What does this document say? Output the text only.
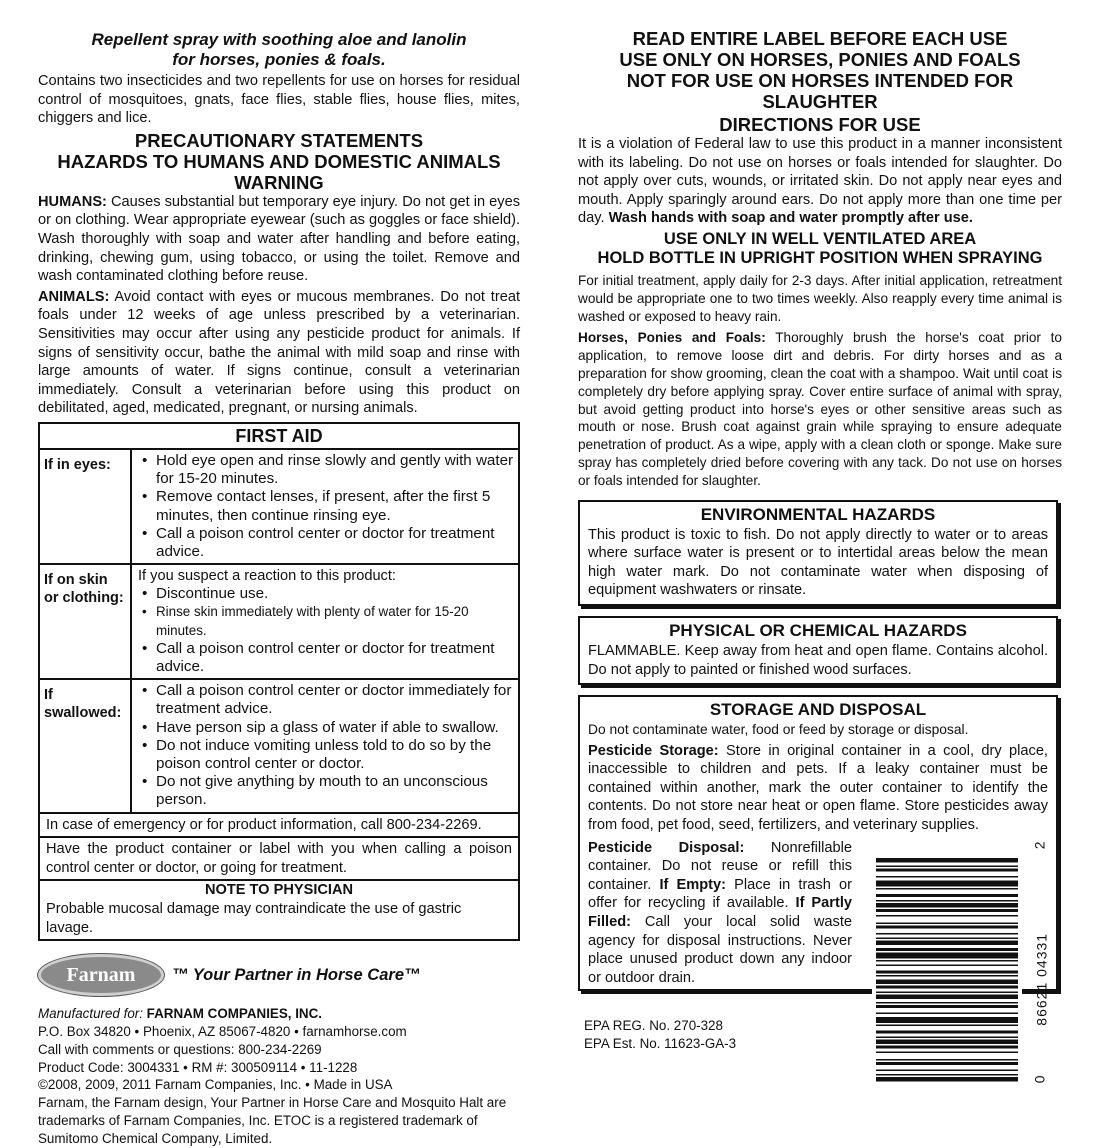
Repellent spray with soothing aloe and lanolin
for horses, ponies & foals.

Contains two insecticides and two repellents for use on horses for residual control of mosquitoes, gnats, face flies, stable flies, house flies, mites, chiggers and lice.

PRECAUTIONARY STATEMENTS
HAZARDS TO HUMANS AND DOMESTIC ANIMALS
WARNING

HUMANS: Causes substantial but temporary eye injury. Do not get in eyes or on clothing. Wear appropriate eyewear (such as goggles or face shield). Wash thoroughly with soap and water after handling and before eating, drinking, chewing gum, using tobacco, or using the toilet. Remove and wash contaminated clothing before reuse.

ANIMALS: Avoid contact with eyes or mucous membranes. Do not treat foals under 12 weeks of age unless prescribed by a veterinarian. Sensitivities may occur after using any pesticide product for animals. If signs of sensitivity occur, bathe the animal with mild soap and rinse with large amounts of water. If signs continue, consult a veterinarian immediately. Consult a veterinarian before using this product on debilitated, aged, medicated, pregnant, or nursing animals.

FIRST AID
If in eyes:
•	Hold eye open and rinse slowly and gently with water for 15-20 minutes.
• Remove contact lenses, if present, after the first 5 minutes, then continue rinsing eye.
• Call a poison control center or doctor for treatment advice.
If on skin or clothing:
If you suspect a reaction to this product:
• Discontinue use.
• Rinse skin immediately with plenty of water for 15-20 minutes.
• Call a poison control center or doctor for treatment advice.
If swallowed:
• Call a poison control center or doctor immediately for treatment advice.
• Have person sip a glass of water if able to swallow.
• Do not induce vomiting unless told to do so by the poison control center or doctor.
• Do not give anything by mouth to an unconscious person.
In case of emergency or for product information, call 800-234-2269.
Have the product container or label with you when calling a poison control center or doctor, or going for treatment.
NOTE TO PHYSICIAN
Probable mucosal damage may contraindicate the use of gastric lavage.
Farnam	™ Your Partner in Horse Care™
Manufactured for: FARNAM COMPANIES, INC.
P.O. Box 34820 • Phoenix, AZ 85067-4820 • farnamhorse.com
Call with comments or questions: 800-234-2269
Product Code: 3004331 • RM #: 300509114 • 11-1228
©2008, 2009, 2011 Farnam Companies, Inc. • Made in USA
Farnam, the Farnam design, Your Partner in Horse Care and Mosquito Halt are trademarks of Farnam Companies, Inc. ETOC is a registered trademark of Sumitomo Chemical Company, Limited.
READ ENTIRE LABEL BEFORE EACH USE
USE ONLY ON HORSES, PONIES AND FOALS
NOT FOR USE ON HORSES INTENDED FOR SLAUGHTER
DIRECTIONS FOR USE

It is a violation of Federal law to use this product in a manner inconsistent with its labeling. Do not use on horses or foals intended for slaughter. Do not apply over cuts, wounds, or irritated skin. Do not apply near eyes and mouth. Apply sparingly around ears. Do not apply more than one time per day. Wash hands with soap and water promptly after use.

USE ONLY IN WELL VENTILATED AREA
HOLD BOTTLE IN UPRIGHT POSITION WHEN SPRAYING

For initial treatment, apply daily for 2-3 days. After initial application, retreatment would be appropriate one to two times weekly. Also reapply every time animal is washed or exposed to heavy rain.

Horses, Ponies and Foals: Thoroughly brush the horse's coat prior to application, to remove loose dirt and debris. For dirty horses and as a preparation for show grooming, clean the coat with a shampoo. Wait until coat is completely dry before applying spray. Cover entire surface of animal with spray, but avoid getting product into horse's eyes or other sensitive areas such as mouth or nose. Brush coat against grain while spraying to ensure adequate penetration of product. As a wipe, apply with a clean cloth or sponge. Make sure spray has completely dried before covering with any tack. Do not use on horses or foals intended for slaughter.

ENVIRONMENTAL HAZARDS
This product is toxic to fish. Do not apply directly to water or to areas where surface water is present or to intertidal areas below the mean high water mark. Do not contaminate water when disposing of equipment washwaters or rinsate.
PHYSICAL OR CHEMICAL HAZARDS
FLAMMABLE. Keep away from heat and open flame. Contains alcohol. Do not apply to painted or finished wood surfaces.
STORAGE AND DISPOSAL
Do not contaminate water, food or feed by storage or disposal.
Pesticide Storage: Store in original container in a cool, dry place, inaccessible to children and pets. If a leaky container must be contained within another, mark the outer container to identify the contents. Do not store near heat or open flame. Store pesticides away from food, pet food, seed, fertilizers, and veterinary supplies.
Pesticide Disposal: Nonrefillable container. Do not reuse or refill this container. If Empty: Place in trash or offer for recycling if available. If Partly Filled: Call your local solid waste agency for disposal instructions. Never place unused product down any indoor or outdoor drain.
EPA REG. No. 270-328
EPA Est. No. 11623-GA-3
2
86621 04331
0
